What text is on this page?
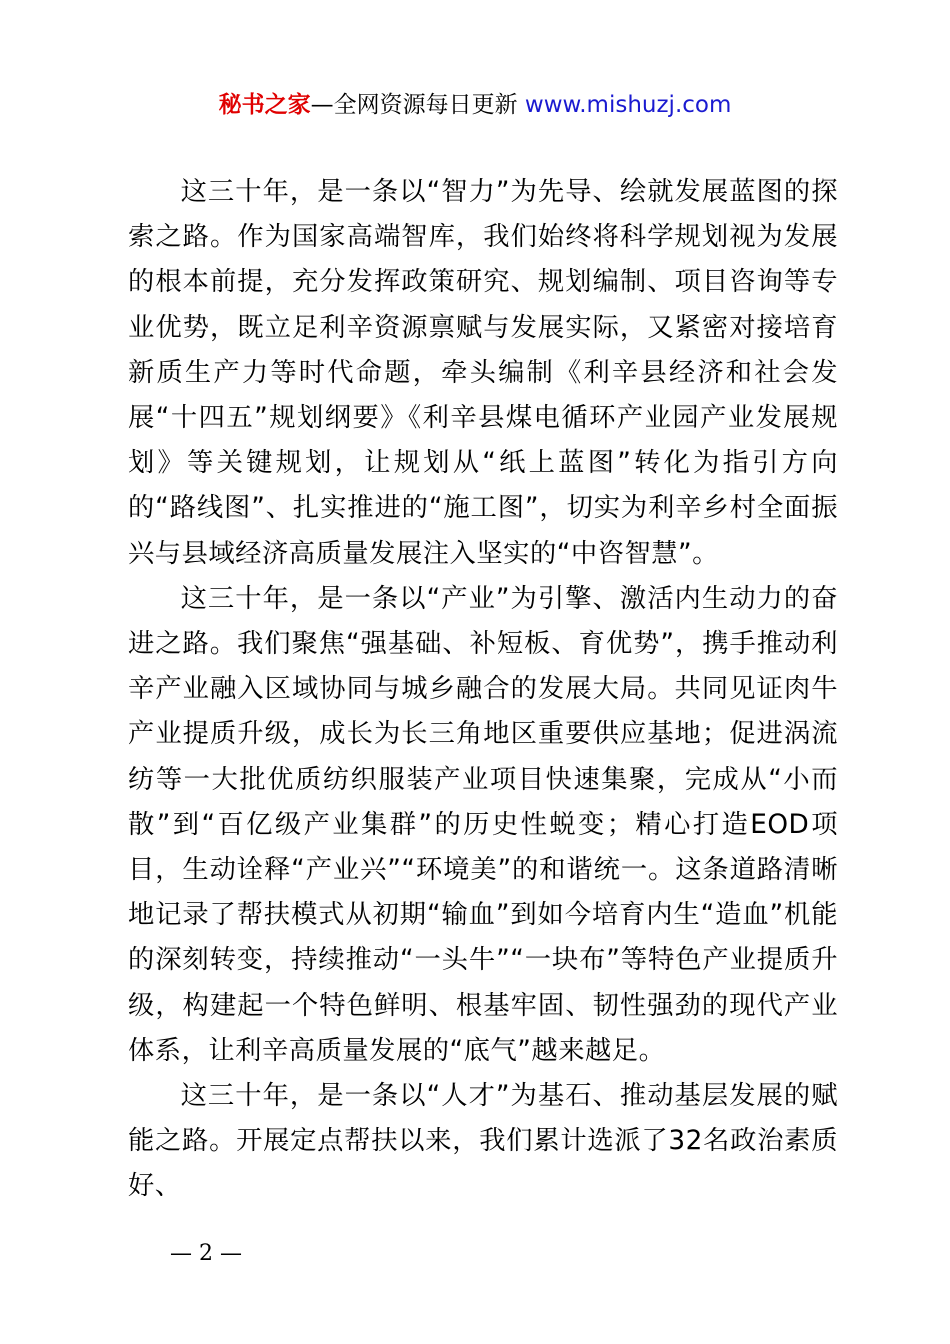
秘书之家—全网资源每日更新 www.mishuzj.com

这三十年，是一条以“智力”为先导、绘就发展蓝图的探索之路。作为国家高端智库，我们始终将科学规划视为发展的根本前提，充分发挥政策研究、规划编制、项目咨询等专业优势，既立足利辛资源禀赋与发展实际，又紧密对接培育新质生产力等时代命题，牵头编制《利辛县经济和社会发展“十四五”规划纲要》《利辛县煤电循环产业园产业发展规划》等关键规划，让规划从“纸上蓝图”转化为指引方向的“路线图”、扎实推进的“施工图”，切实为利辛乡村全面振兴与县域经济高质量发展注入坚实的“中咨智慧”。

这三十年，是一条以“产业”为引擎、激活内生动力的奋进之路。我们聚焦“强基础、补短板、育优势”，携手推动利辛产业融入区域协同与城乡融合的发展大局。共同见证肉牛产业提质升级，成长为长三角地区重要供应基地；促进涡流纺等一大批优质纺织服装产业项目快速集聚，完成从“小而散”到“百亿级产业集群”的历史性蜕变；精心打造EOD项目，生动诠释“产业兴”“环境美”的和谐统一。这条道路清晰地记录了帮扶模式从初期“输血”到如今培育内生“造血”机能的深刻转变，持续推动“一头牛”“一块布”等特色产业提质升级，构建起一个特色鲜明、根基牢固、韧性强劲的现代产业体系，让利辛高质量发展的“底气”越来越足。

这三十年，是一条以“人才”为基石、推动基层发展的赋能之路。开展定点帮扶以来，我们累计选派了32名政治素质好、

— 2 —
